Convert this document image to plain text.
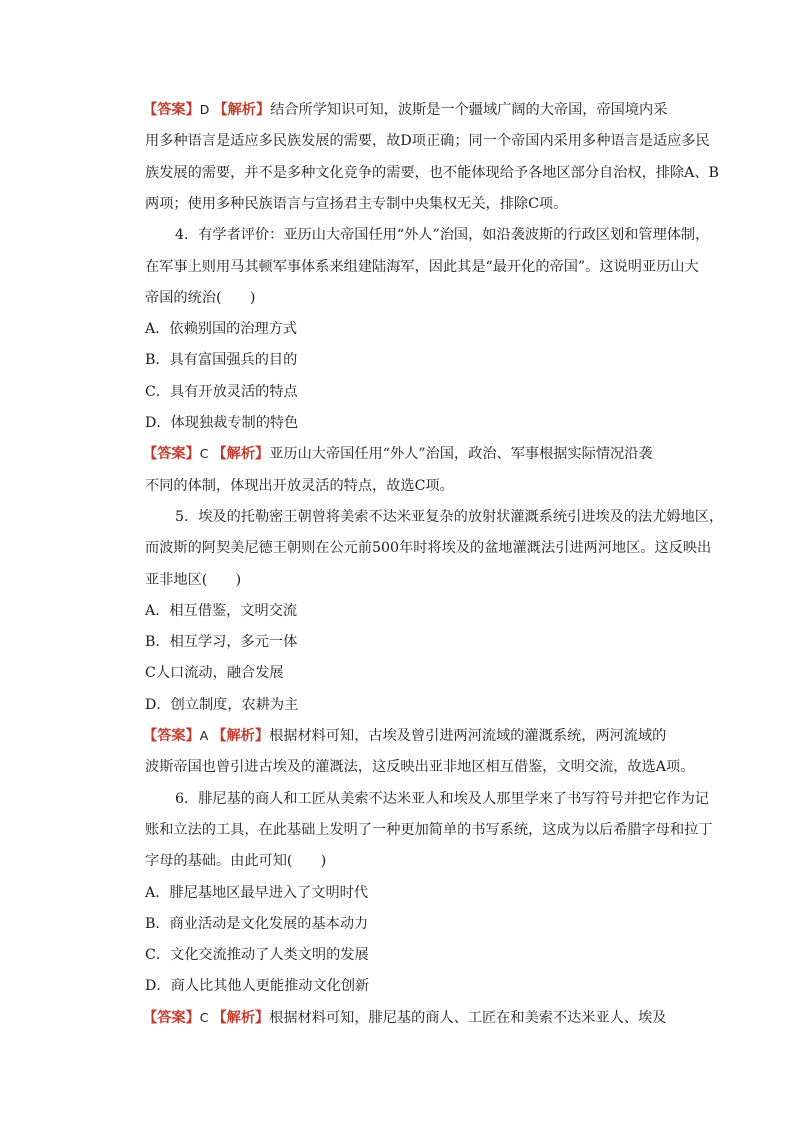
【答案】D 【解析】结合所学知识可知，波斯是一个疆域广阔的大帝国，帝国境内采
用多种语言是适应多民族发展的需要，故D项正确；同一个帝国内采用多种语言是适应多民
族发展的需要，并不是多种文化竞争的需要，也不能体现给予各地区部分自治权，排除A、B
两项；使用多种民族语言与宣扬君主专制中央集权无关，排除C项。
4．有学者评价：亚历山大帝国任用“外人”治国，如沿袭波斯的行政区划和管理体制，
在军事上则用马其顿军事体系来组建陆海军，因此其是“最开化的帝国”。这说明亚历山大
帝国的统治(　　)
A．依赖别国的治理方式
B．具有富国强兵的目的
C．具有开放灵活的特点
D．体现独裁专制的特色
【答案】C 【解析】亚历山大帝国任用“外人”治国，政治、军事根据实际情况沿袭
不同的体制，体现出开放灵活的特点，故选C项。
5．埃及的托勒密王朝曾将美索不达米亚复杂的放射状灌溉系统引进埃及的法尤姆地区，
而波斯的阿契美尼德王朝则在公元前500年时将埃及的盆地灌溉法引进两河地区。这反映出
亚非地区(　　)
A．相互借鉴，文明交流
B．相互学习，多元一体
C人口流动，融合发展
D．创立制度，农耕为主
【答案】A 【解析】根据材料可知，古埃及曾引进两河流域的灌溉系统，两河流域的
波斯帝国也曾引进古埃及的灌溉法，这反映出亚非地区相互借鉴，文明交流，故选A项。
6．腓尼基的商人和工匠从美索不达米亚人和埃及人那里学来了书写符号并把它作为记
账和立法的工具，在此基础上发明了一种更加简单的书写系统，这成为以后希腊字母和拉丁
字母的基础。由此可知(　　)
A．腓尼基地区最早进入了文明时代
B．商业活动是文化发展的基本动力
C．文化交流推动了人类文明的发展
D．商人比其他人更能推动文化创新
【答案】C 【解析】根据材料可知，腓尼基的商人、工匠在和美索不达米亚人、埃及
